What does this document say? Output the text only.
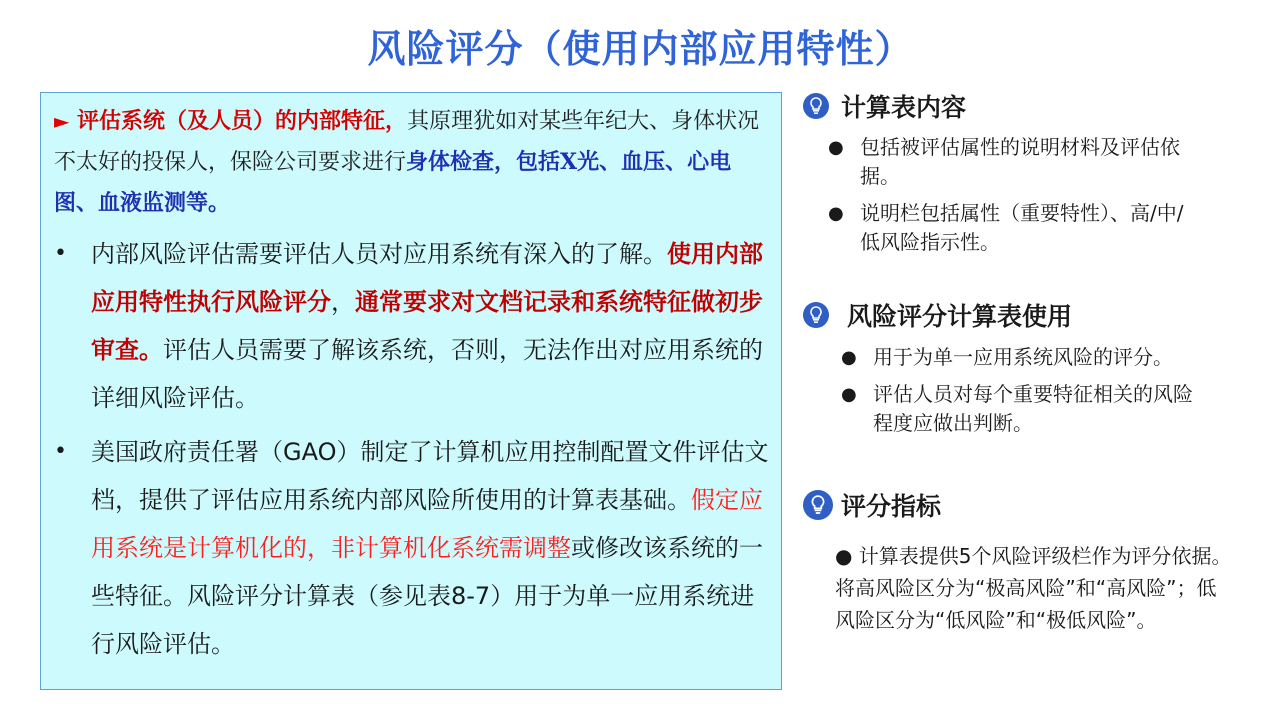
风险评分（使用内部应用特性）
► 评估系统（及人员）的内部特征，其原理犹如对某些年纪大、身体状况不太好的投保人，保险公司要求进行身体检查，包括X光、血压、心电图、血液监测等。
• 内部风险评估需要评估人员对应用系统有深入的了解。使用内部应用特性执行风险评分，通常要求对文档记录和系统特征做初步审查。评估人员需要了解该系统，否则，无法作出对应用系统的详细风险评估。
• 美国政府责任署（GAO）制定了计算机应用控制配置文件评估文档，提供了评估应用系统内部风险所使用的计算表基础。假定应用系统是计算机化的，非计算机化系统需调整或修改该系统的一些特征。风险评分计算表（参见表8-7）用于为单一应用系统进行风险评估。
计算表内容
● 包括被评估属性的说明材料及评估依据。
● 说明栏包括属性（重要特性）、高/中/低风险指示性。
风险评分计算表使用
● 用于为单一应用系统风险的评分。
● 评估人员对每个重要特征相关的风险程度应做出判断。
评分指标
● 计算表提供5个风险评级栏作为评分依据。将高风险区分为“极高风险”和“高风险”；低风险区分为“低风险”和“极低风险”。
